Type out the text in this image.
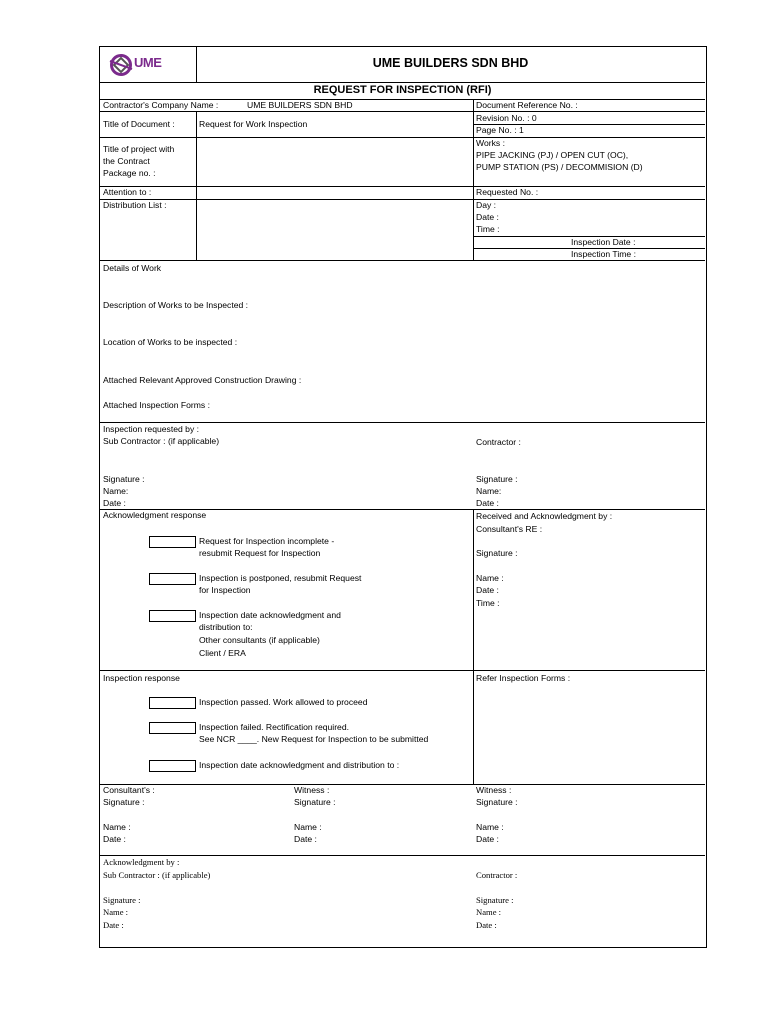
UME	UME BUILDERS SDN BHD
REQUEST FOR INSPECTION (RFI)
Contractor's Company Name :	UME BUILDERS SDN BHD	Document Reference No. :
Title of Document :	Request for Work Inspection
Revision No. : 0
Page No. : 1
Title of project with
the Contract
Package no. :
Works :
PIPE JACKING (PJ) / OPEN CUT (OC),
PUMP STATION (PS) / DECOMMISION (D)
Attention to :	Requested No. :
Distribution List :	Day :
Date :
Time :
Inspection Date :
Inspection Time :
Details of Work
Description of Works to be Inspected :
Location of Works to be inspected :
Attached Relevant Approved Construction Drawing :
Attached Inspection Forms :
Inspection requested by :
Sub Contractor : (if applicable)	Contractor :
Signature :
Name:
Date :
Signature :
Name:
Date :
Acknowledgment response
Request for Inspection incomplete -
resubmit Request for Inspection
Inspection is postponed, resubmit Request
for Inspection
Inspection date acknowledgment and
distribution to:
Other consultants (if applicable)
Client / ERA
Received and Acknowledgment by :
Consultant's RE :
Signature :
Name :
Date :
Time :
Inspection response
Inspection passed. Work allowed to proceed
Inspection failed. Rectification required.
See NCR ____. New Request for Inspection to be submitted
Inspection date acknowledgment and distribution to :
Refer Inspection Forms :
Consultant's :
Signature :
Name :
Date :
Witness :
Signature :
Name :
Date :
Witness :
Signature :
Name :
Date :
Acknowledgment by :
Sub Contractor : (if applicable)	Contractor :
Signature :
Name :
Date :
Signature :
Name :
Date :
